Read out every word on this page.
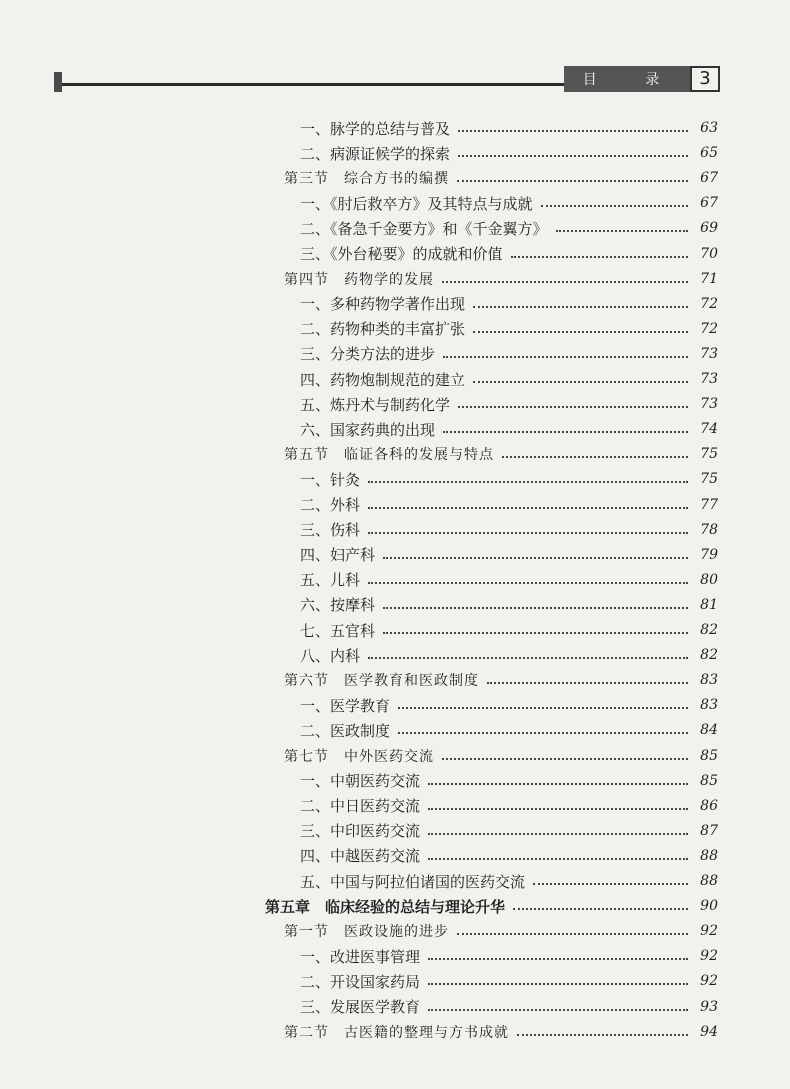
目 录	3
一、脉学的总结与普及	63
二、病源证候学的探索	65
第三节　综合方书的编撰	67
一、《肘后救卒方》及其特点与成就	67
二、《备急千金要方》和《千金翼方》	69
三、《外台秘要》的成就和价值	70
第四节　药物学的发展	71
一、多种药物学著作出现	72
二、药物种类的丰富扩张	72
三、分类方法的进步	73
四、药物炮制规范的建立	73
五、炼丹术与制药化学	73
六、国家药典的出现	74
第五节　临证各科的发展与特点	75
一、针灸	75
二、外科	77
三、伤科	78
四、妇产科	79
五、儿科	80
六、按摩科	81
七、五官科	82
八、内科	82
第六节　医学教育和医政制度	83
一、医学教育	83
二、医政制度	84
第七节　中外医药交流	85
一、中朝医药交流	85
二、中日医药交流	86
三、中印医药交流	87
四、中越医药交流	88
五、中国与阿拉伯诸国的医药交流	88
第五章　临床经验的总结与理论升华	90
第一节　医政设施的进步	92
一、改进医事管理	92
二、开设国家药局	92
三、发展医学教育	93
第二节　古医籍的整理与方书成就	94
